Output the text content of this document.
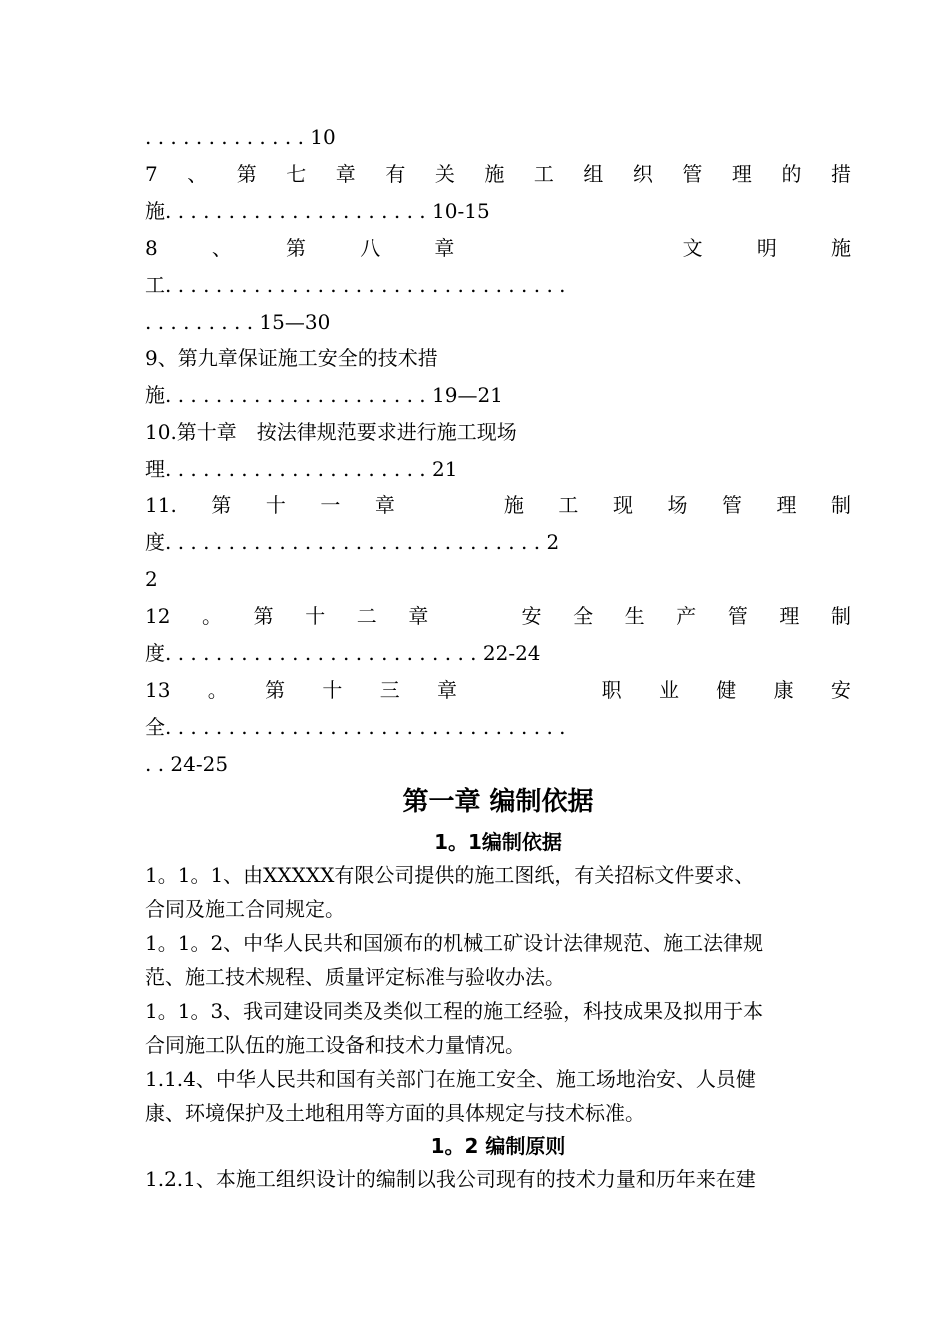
. . . . . . . . . . . . . 10
7 、 第 七 章 有 关 施 工 组 织 管 理 的 措
施. . . . . . . . . . . . . . . . . . . . . 10-15
8	、	第	八	章	文	明	施
工. . . . . . . . . . . . . . . . . . . . . . . . . . . . . . . .
. . . . . . . . . 15—30
9、第九章保证施工安全的技术措
施. . . . . . . . . . . . . . . . . . . . . 19—21
10.第十章　按法律规范要求进行施工现场
理. . . . . . . . . . . . . . . . . . . . . 21
11. 第 十 一 章	施 工 现 场 管 理 制
度. . . . . . . . . . . . . . . . . . . . . . . . . . . . . . 2
2
12 。 第 十 二 章	安 全 生 产 管 理 制
度. . . . . . . . . . . . . . . . . . . . . . . . . 22-24
13 。 第 十 三 章	职 业 健 康 安
全. . . . . . . . . . . . . . . . . . . . . . . . . . . . . . . .
. . 24-25
第一章 编制依据
1。1编制依据
1。1。1、由XXXXX有限公司提供的施工图纸，有关招标文件要求、
合同及施工合同规定。
1。1。2、中华人民共和国颁布的机械工矿设计法律规范、施工法律规
范、施工技术规程、质量评定标准与验收办法。
1。1。3、我司建设同类及类似工程的施工经验，科技成果及拟用于本
合同施工队伍的施工设备和技术力量情况。
1.1.4、中华人民共和国有关部门在施工安全、施工场地治安、人员健
康、环境保护及土地租用等方面的具体规定与技术标准。
1。2 编制原则
1.2.1、本施工组织设计的编制以我公司现有的技术力量和历年来在建
